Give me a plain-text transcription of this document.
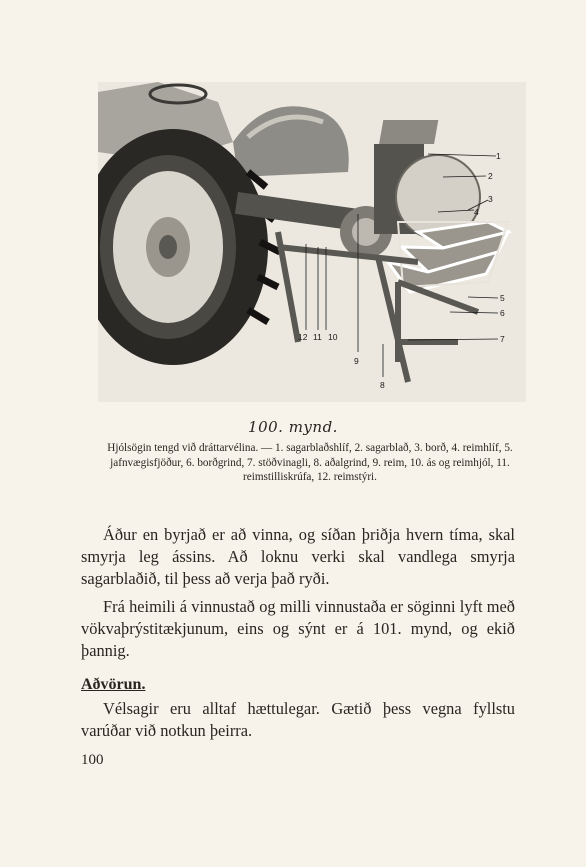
1
2
3
4
5
6
7
8
9
10
11
12
100. mynd.
Hjólsögin tengd við dráttarvélina. — 1. sagarblaðshlíf, 2. sagarblað, 3. borð, 4. reimhlíf, 5. jafnvægisfjöður, 6. borðgrind, 7. stöðvinagli, 8. aðalgrind, 9. reim, 10. ás og reimhjól, 11. reimstilliskrúfa, 12. reimstýri.
Áður en byrjað er að vinna, og síðan þriðja hvern tíma, skal smyrja leg ássins. Að loknu verki skal vandlega smyrja sagarblaðið, til þess að verja það ryði.
Frá heimili á vinnustað og milli vinnustaða er söginni lyft með vökvaþrýstitækjunum, eins og sýnt er á 101. mynd, og ekið þannig.
Aðvörun.
Vélsagir eru alltaf hættulegar. Gætið þess vegna fyllstu varúðar við notkun þeirra.
100
